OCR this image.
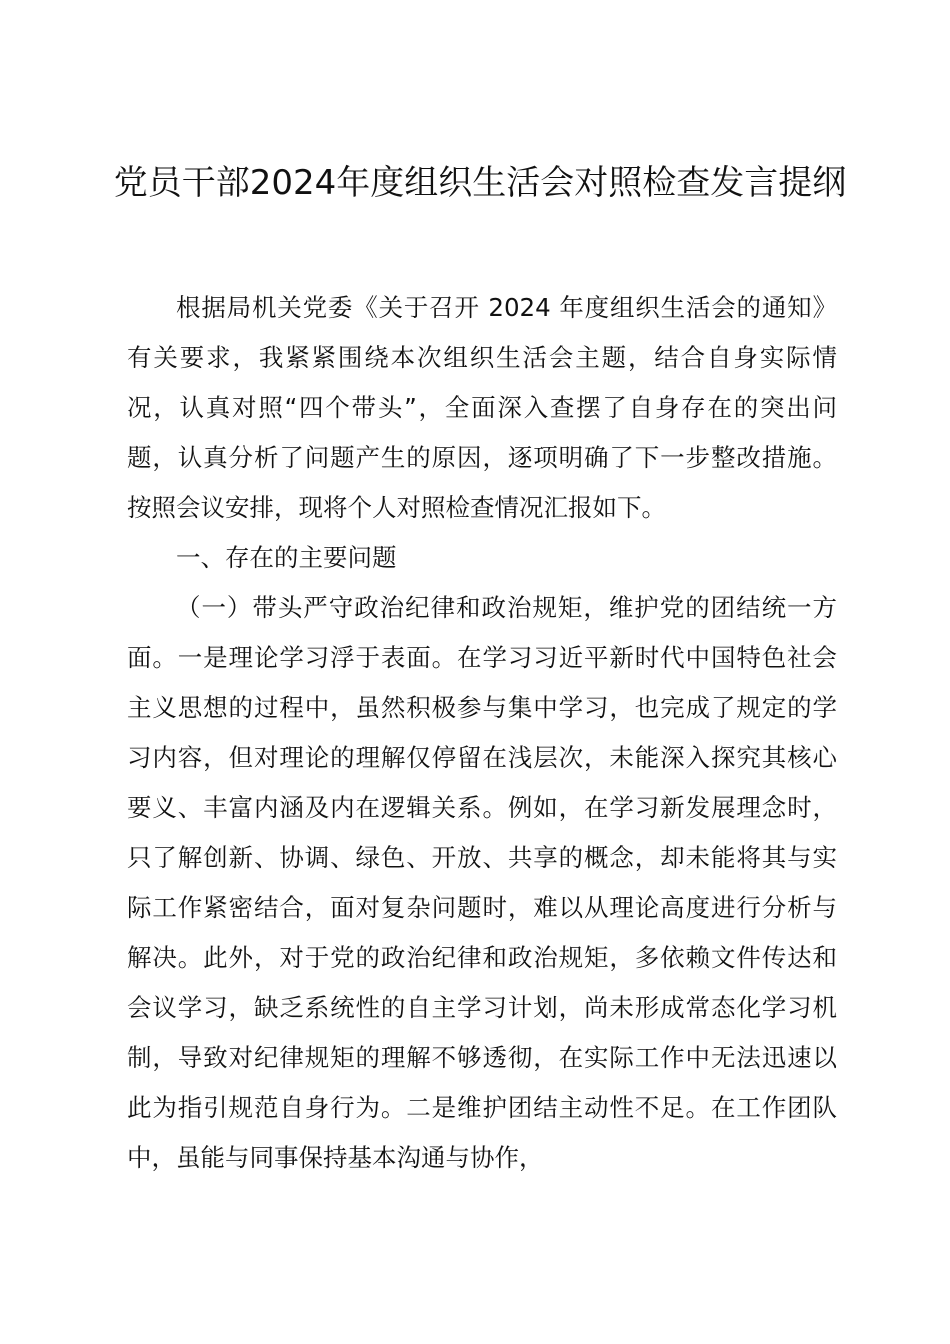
党员干部2024年度组织生活会对照检查发言提纲

根据局机关党委《关于召开 2024 年度组织生活会的通知》有关要求，我紧紧围绕本次组织生活会主题，结合自身实际情况，认真对照“四个带头”，全面深入查摆了自身存在的突出问题，认真分析了问题产生的原因，逐项明确了下一步整改措施。按照会议安排，现将个人对照检查情况汇报如下。

一、存在的主要问题

（一）带头严守政治纪律和政治规矩，维护党的团结统一方面。一是理论学习浮于表面。在学习习近平新时代中国特色社会主义思想的过程中，虽然积极参与集中学习，也完成了规定的学习内容，但对理论的理解仅停留在浅层次，未能深入探究其核心要义、丰富内涵及内在逻辑关系。例如，在学习新发展理念时，只了解创新、协调、绿色、开放、共享的概念，却未能将其与实际工作紧密结合，面对复杂问题时，难以从理论高度进行分析与解决。此外，对于党的政治纪律和政治规矩，多依赖文件传达和会议学习，缺乏系统性的自主学习计划，尚未形成常态化学习机制，导致对纪律规矩的理解不够透彻，在实际工作中无法迅速以此为指引规范自身行为。二是维护团结主动性不足。在工作团队中，虽能与同事保持基本沟通与协作，
